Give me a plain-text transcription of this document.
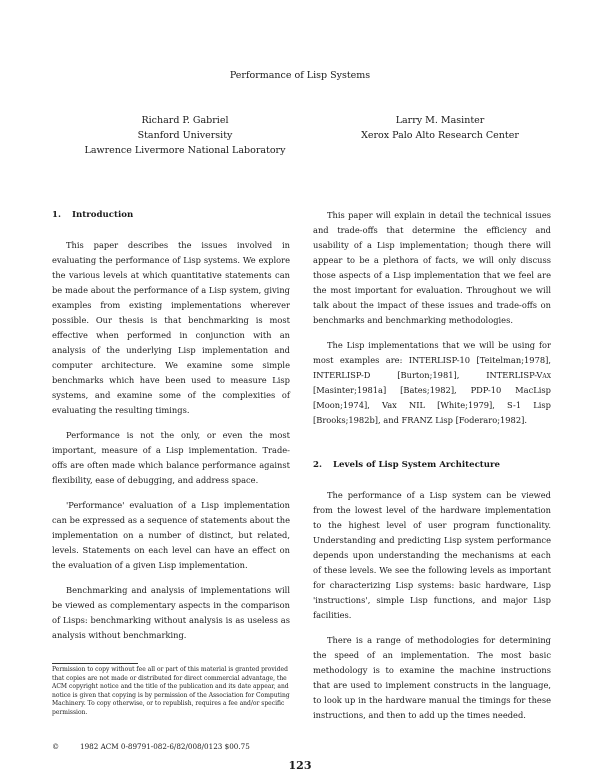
Performance of Lisp Systems
Richard P. Gabriel
Stanford University
Lawrence Livermore National Laboratory
Larry M. Masinter
Xerox Palo Alto Research Center
1. Introduction

This paper describes the issues involved in evaluating the performance of Lisp systems. We explore the various levels at which quantitative statements can be made about the performance of a Lisp system, giving examples from existing implementations wherever possible. Our thesis is that benchmarking is most effective when performed in conjunction with an analysis of the underlying Lisp implementation and computer architecture. We examine some simple benchmarks which have been used to measure Lisp systems, and examine some of the complexities of evaluating the resulting timings.

Performance is not the only, or even the most important, measure of a Lisp implementation. Trade-offs are often made which balance performance against flexibility, ease of debugging, and address space.

'Performance' evaluation of a Lisp implementation can be expressed as a sequence of statements about the implementation on a number of distinct, but related, levels. Statements on each level can have an effect on the evaluation of a given Lisp implementation.

Benchmarking and analysis of implementations will be viewed as complementary aspects in the comparison of Lisps: benchmarking without analysis is as useless as analysis without benchmarking.

Permission to copy without fee all or part of this material is granted provided that copies are not made or distributed for direct commercial advantage, the ACM copyright notice and the title of the publication and its date appear, and notice is given that copying is by permission of the Association for Computing Machinery. To copy otherwise, or to republish, requires a fee and/or specific permission.
©	1982 ACM 0-89791-082-6/82/008/0123 $00.75

This paper will explain in detail the technical issues and trade-offs that determine the efficiency and usability of a Lisp implementation; though there will appear to be a plethora of facts, we will only discuss those aspects of a Lisp implementation that we feel are the most important for evaluation. Throughout we will talk about the impact of these issues and trade-offs on benchmarks and benchmarking methodologies.

The Lisp implementations that we will be using for most examples are: INTERLISP-10 [Teitelman;1978], INTERLISP-D [Burton;1981], INTERLISP-Vax [Masinter;1981a] [Bates;1982], PDP-10 MacLisp [Moon;1974], Vax NIL [White;1979], S-1 Lisp [Brooks;1982b], and FRANZ Lisp [Foderaro;1982].

2. Levels of Lisp System Architecture

The performance of a Lisp system can be viewed from the lowest level of the hardware implementation to the highest level of user program functionality. Understanding and predicting Lisp system performance depends upon understanding the mechanisms at each of these levels. We see the following levels as important for characterizing Lisp systems: basic hardware, Lisp 'instructions', simple Lisp functions, and major Lisp facilities.

There is a range of methodologies for determining the speed of an implementation. The most basic methodology is to examine the machine instructions that are used to implement constructs in the language, to look up in the hardware manual the timings for these instructions, and then to add up the times needed.

123
